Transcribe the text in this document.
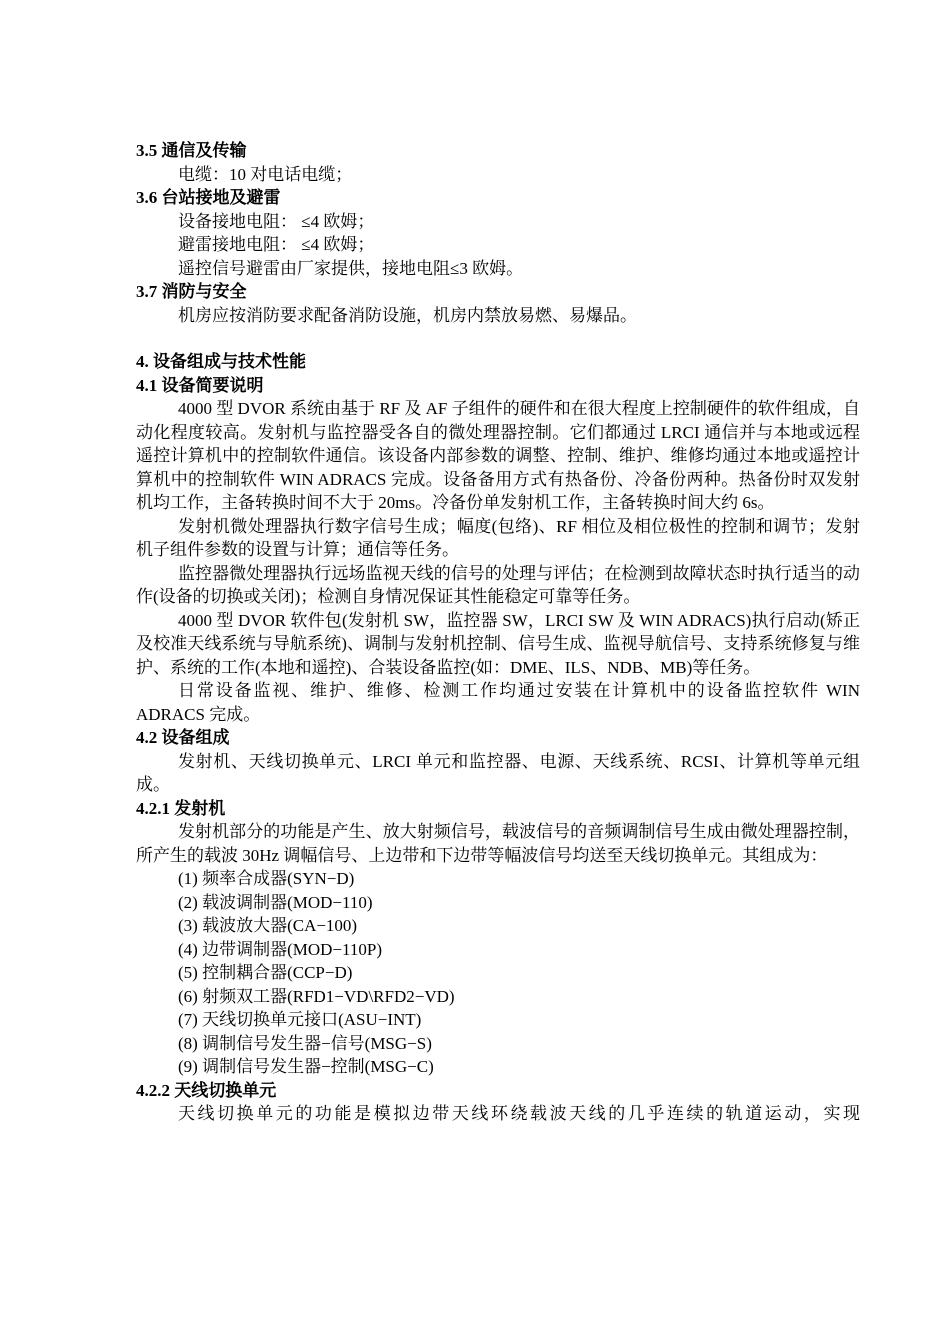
3.5 通信及传输

电缆：10 对电话电缆；

3.6 台站接地及避雷

设备接地电阻： ≤4 欧姆；

避雷接地电阻： ≤4 欧姆；

遥控信号避雷由厂家提供，接地电阻≤3 欧姆。

3.7 消防与安全

机房应按消防要求配备消防设施，机房内禁放易燃、易爆品。

4. 设备组成与技术性能

4.1 设备简要说明

4000 型 DVOR 系统由基于 RF 及 AF 子组件的硬件和在很大程度上控制硬件的软件组成，自动化程度较高。发射机与监控器受各自的微处理器控制。它们都通过 LRCI 通信并与本地或远程遥控计算机中的控制软件通信。该设备内部参数的调整、控制、维护、维修均通过本地或遥控计算机中的控制软件 WIN ADRACS 完成。设备备用方式有热备份、冷备份两种。热备份时双发射机均工作，主备转换时间不大于 20ms。冷备份单发射机工作，主备转换时间大约 6s。

发射机微处理器执行数字信号生成；幅度(包络)、RF 相位及相位极性的控制和调节；发射机子组件参数的设置与计算；通信等任务。

监控器微处理器执行远场监视天线的信号的处理与评估；在检测到故障状态时执行适当的动作(设备的切换或关闭)；检测自身情况保证其性能稳定可靠等任务。

4000 型 DVOR 软件包(发射机 SW，监控器 SW，LRCI SW 及 WIN ADRACS)执行启动(矫正及校准天线系统与导航系统)、调制与发射机控制、信号生成、监视导航信号、支持系统修复与维护、系统的工作(本地和遥控)、合装设备监控(如：DME、ILS、NDB、MB)等任务。

日常设备监视、维护、维修、检测工作均通过安装在计算机中的设备监控软件 WIN ADRACS 完成。

4.2 设备组成

发射机、天线切换单元、LRCI 单元和监控器、电源、天线系统、RCSI、计算机等单元组成。

4.2.1 发射机

发射机部分的功能是产生、放大射频信号，载波信号的音频调制信号生成由微处理器控制，所产生的载波 30Hz 调幅信号、上边带和下边带等幅波信号均送至天线切换单元。其组成为：

(1) 频率合成器(SYN−D)

(2) 载波调制器(MOD−110)

(3) 载波放大器(CA−100)

(4) 边带调制器(MOD−110P)

(5) 控制耦合器(CCP−D)

(6) 射频双工器(RFD1−VD\RFD2−VD)

(7) 天线切换单元接口(ASU−INT)

(8) 调制信号发生器−信号(MSG−S)

(9) 调制信号发生器−控制(MSG−C)

4.2.2 天线切换单元

天线切换单元的功能是模拟边带天线环绕载波天线的几乎连续的轨道运动，实现
